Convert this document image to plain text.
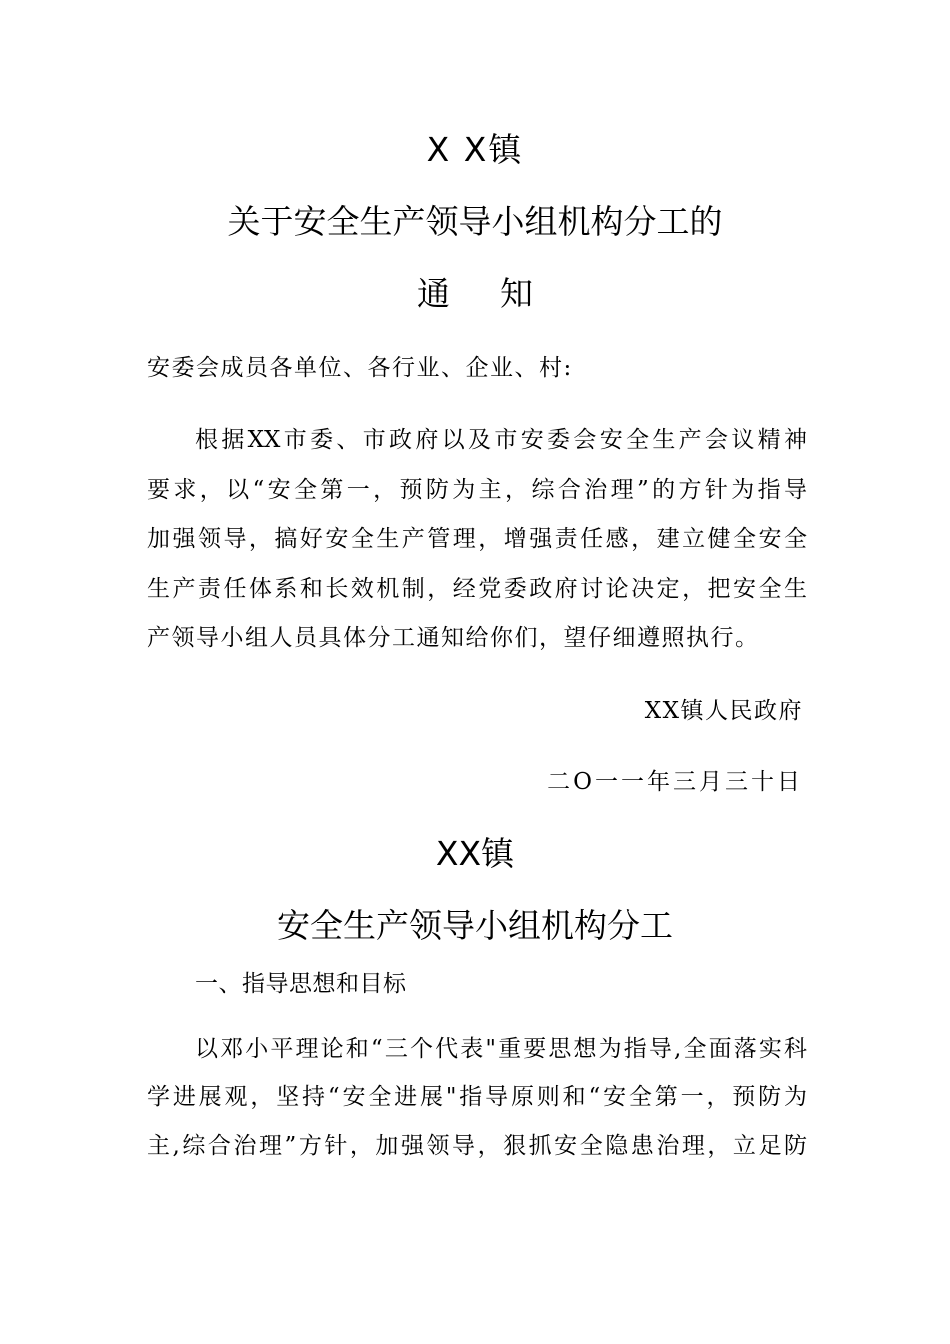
X X镇
关于安全生产领导小组机构分工的
通知
安委会成员各单位、各行业、企业、村:
根据XX市委、市政府以及市安委会安全生产会议精神
要求，以“安全第一，预防为主，综合治理”的方针为指导
加强领导，搞好安全生产管理，增强责任感，建立健全安全
生产责任体系和长效机制，经党委政府讨论决定，把安全生
产领导小组人员具体分工通知给你们，望仔细遵照执行。
XX镇人民政府
二O一一年三月三十日
XX镇
安全生产领导小组机构分工
一、指导思想和目标
以邓小平理论和“三个代表"重要思想为指导,全面落实科
学进展观，坚持“安全进展"指导原则和“安全第一，预防为
主,综合治理”方针，加强领导，狠抓安全隐患治理，立足防
